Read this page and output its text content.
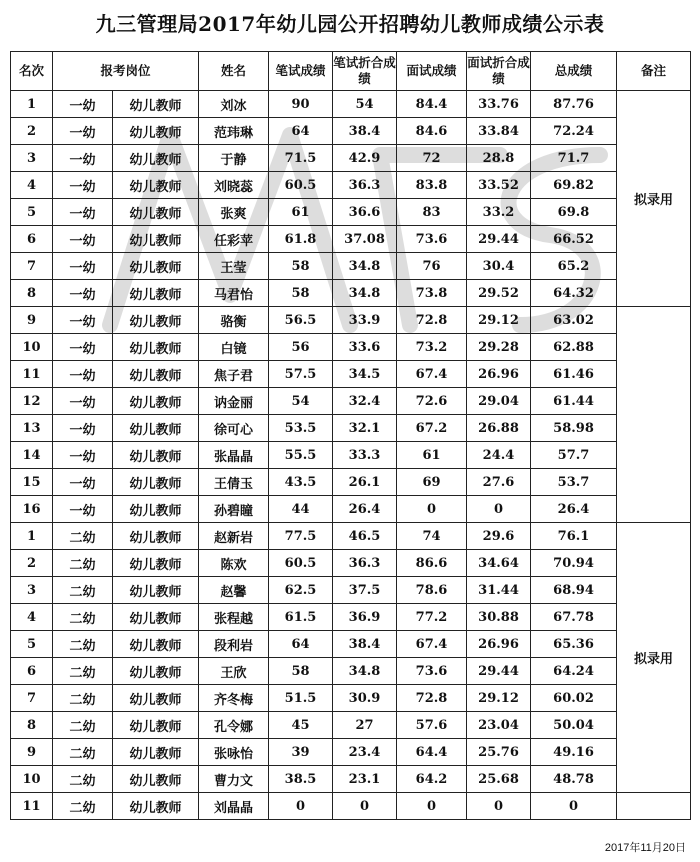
九三管理局2017年幼儿园公开招聘幼儿教师成绩公示表
名次	报考岗位		姓名	笔试成绩	笔试折合成绩	面试成绩	面试折合成绩	总成绩	备注
1	一幼	幼儿教师	刘冰	90	54	84.4	33.76	87.76	拟录用
2	一幼	幼儿教师	范玮琳	64	38.4	84.6	33.84	72.24	
3	一幼	幼儿教师	于静	71.5	42.9	72	28.8	71.7	
4	一幼	幼儿教师	刘晓蕊	60.5	36.3	83.8	33.52	69.82	
5	一幼	幼儿教师	张爽	61	36.6	83	33.2	69.8	
6	一幼	幼儿教师	任彩苹	61.8	37.08	73.6	29.44	66.52	
7	一幼	幼儿教师	王莹	58	34.8	76	30.4	65.2	
8	一幼	幼儿教师	马君怡	58	34.8	73.8	29.52	64.32	
9	一幼	幼儿教师	骆衡	56.5	33.9	72.8	29.12	63.02	
10	一幼	幼儿教师	白镜	56	33.6	73.2	29.28	62.88	
11	一幼	幼儿教师	焦子君	57.5	34.5	67.4	26.96	61.46	
12	一幼	幼儿教师	讷金丽	54	32.4	72.6	29.04	61.44	
13	一幼	幼儿教师	徐可心	53.5	32.1	67.2	26.88	58.98	
14	一幼	幼儿教师	张晶晶	55.5	33.3	61	24.4	57.7	
15	一幼	幼儿教师	王倩玉	43.5	26.1	69	27.6	53.7	
16	一幼	幼儿教师	孙碧瞳	44	26.4	0	0	26.4	
1	二幼	幼儿教师	赵新岩	77.5	46.5	74	29.6	76.1	拟录用
2	二幼	幼儿教师	陈欢	60.5	36.3	86.6	34.64	70.94	
3	二幼	幼儿教师	赵馨	62.5	37.5	78.6	31.44	68.94	
4	二幼	幼儿教师	张程越	61.5	36.9	77.2	30.88	67.78	
5	二幼	幼儿教师	段利岩	64	38.4	67.4	26.96	65.36	
6	二幼	幼儿教师	王欣	58	34.8	73.6	29.44	64.24	
7	二幼	幼儿教师	齐冬梅	51.5	30.9	72.8	29.12	60.02	
8	二幼	幼儿教师	孔令娜	45	27	57.6	23.04	50.04	
9	二幼	幼儿教师	张咏怡	39	23.4	64.4	25.76	49.16	
10	二幼	幼儿教师	曹力文	38.5	23.1	64.2	25.68	48.78	
11	二幼	幼儿教师	刘晶晶	0	0	0	0	0	
2017年11月20日
